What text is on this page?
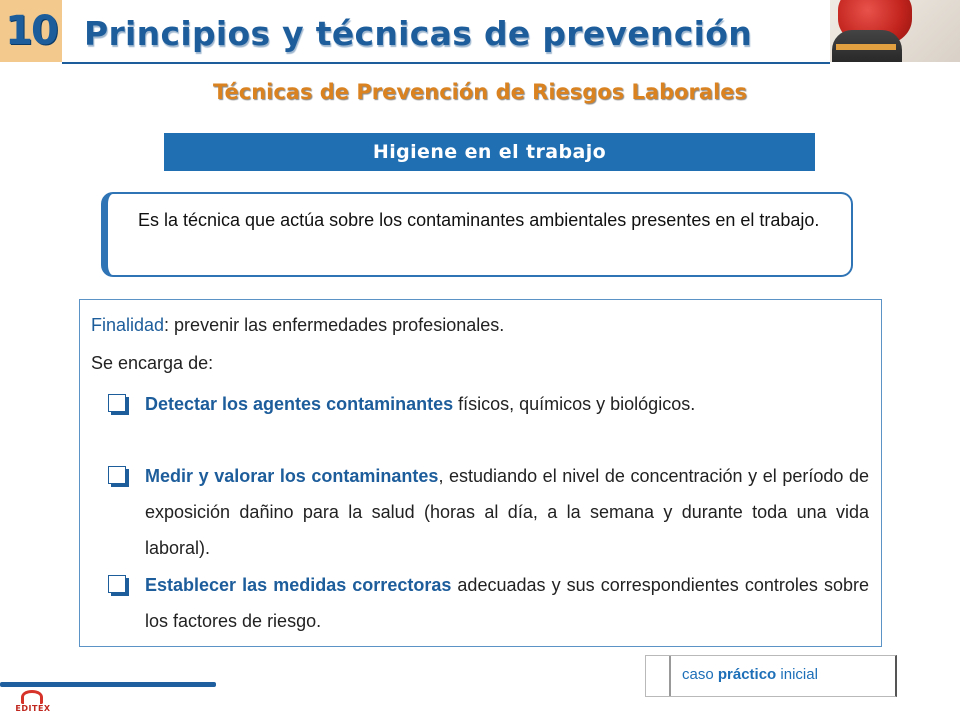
10 Principios y técnicas de prevención
Técnicas de Prevención de Riesgos Laborales
Higiene en el trabajo
Es la técnica que actúa sobre los contaminantes ambientales presentes en el trabajo.
Finalidad: prevenir las enfermedades profesionales.
Se encarga de:
Detectar los agentes contaminantes físicos, químicos y biológicos.
Medir y valorar los contaminantes, estudiando el nivel de concentración y el período de exposición dañino para la salud (horas al día, a la semana y durante toda una vida laboral).
Establecer las medidas correctoras adecuadas y sus correspondientes controles sobre los factores de riesgo.
caso práctico inicial
EDITEX
